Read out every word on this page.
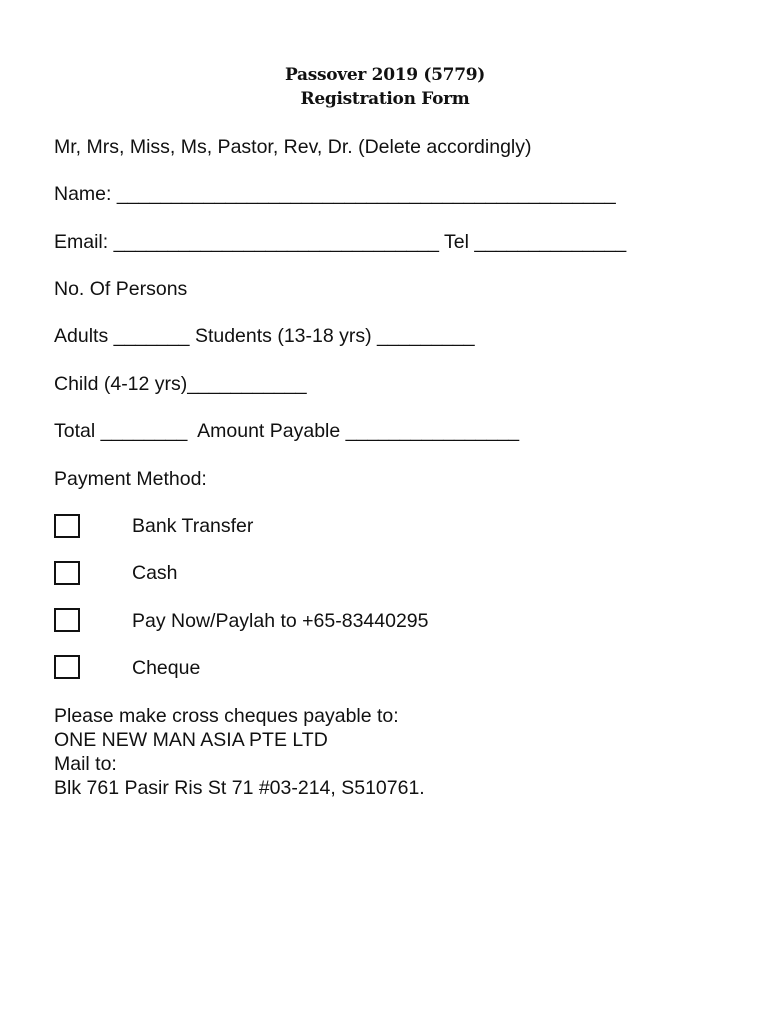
Passover 2019 (5779)
Registration Form
Mr, Mrs, Miss, Ms, Pastor, Rev, Dr. (Delete accordingly)
Name: ______________________________________________
Email: ______________________________ Tel ______________
No. Of Persons
Adults _______ Students (13-18 yrs) _________
Child (4-12 yrs)___________
Total ________  Amount Payable ________________
Payment Method:
Bank Transfer
Cash
Pay Now/Paylah to +65-83440295
Cheque
Please make cross cheques payable to:
ONE NEW MAN ASIA PTE LTD
Mail to:
Blk 761 Pasir Ris St 71 #03-214, S510761.
